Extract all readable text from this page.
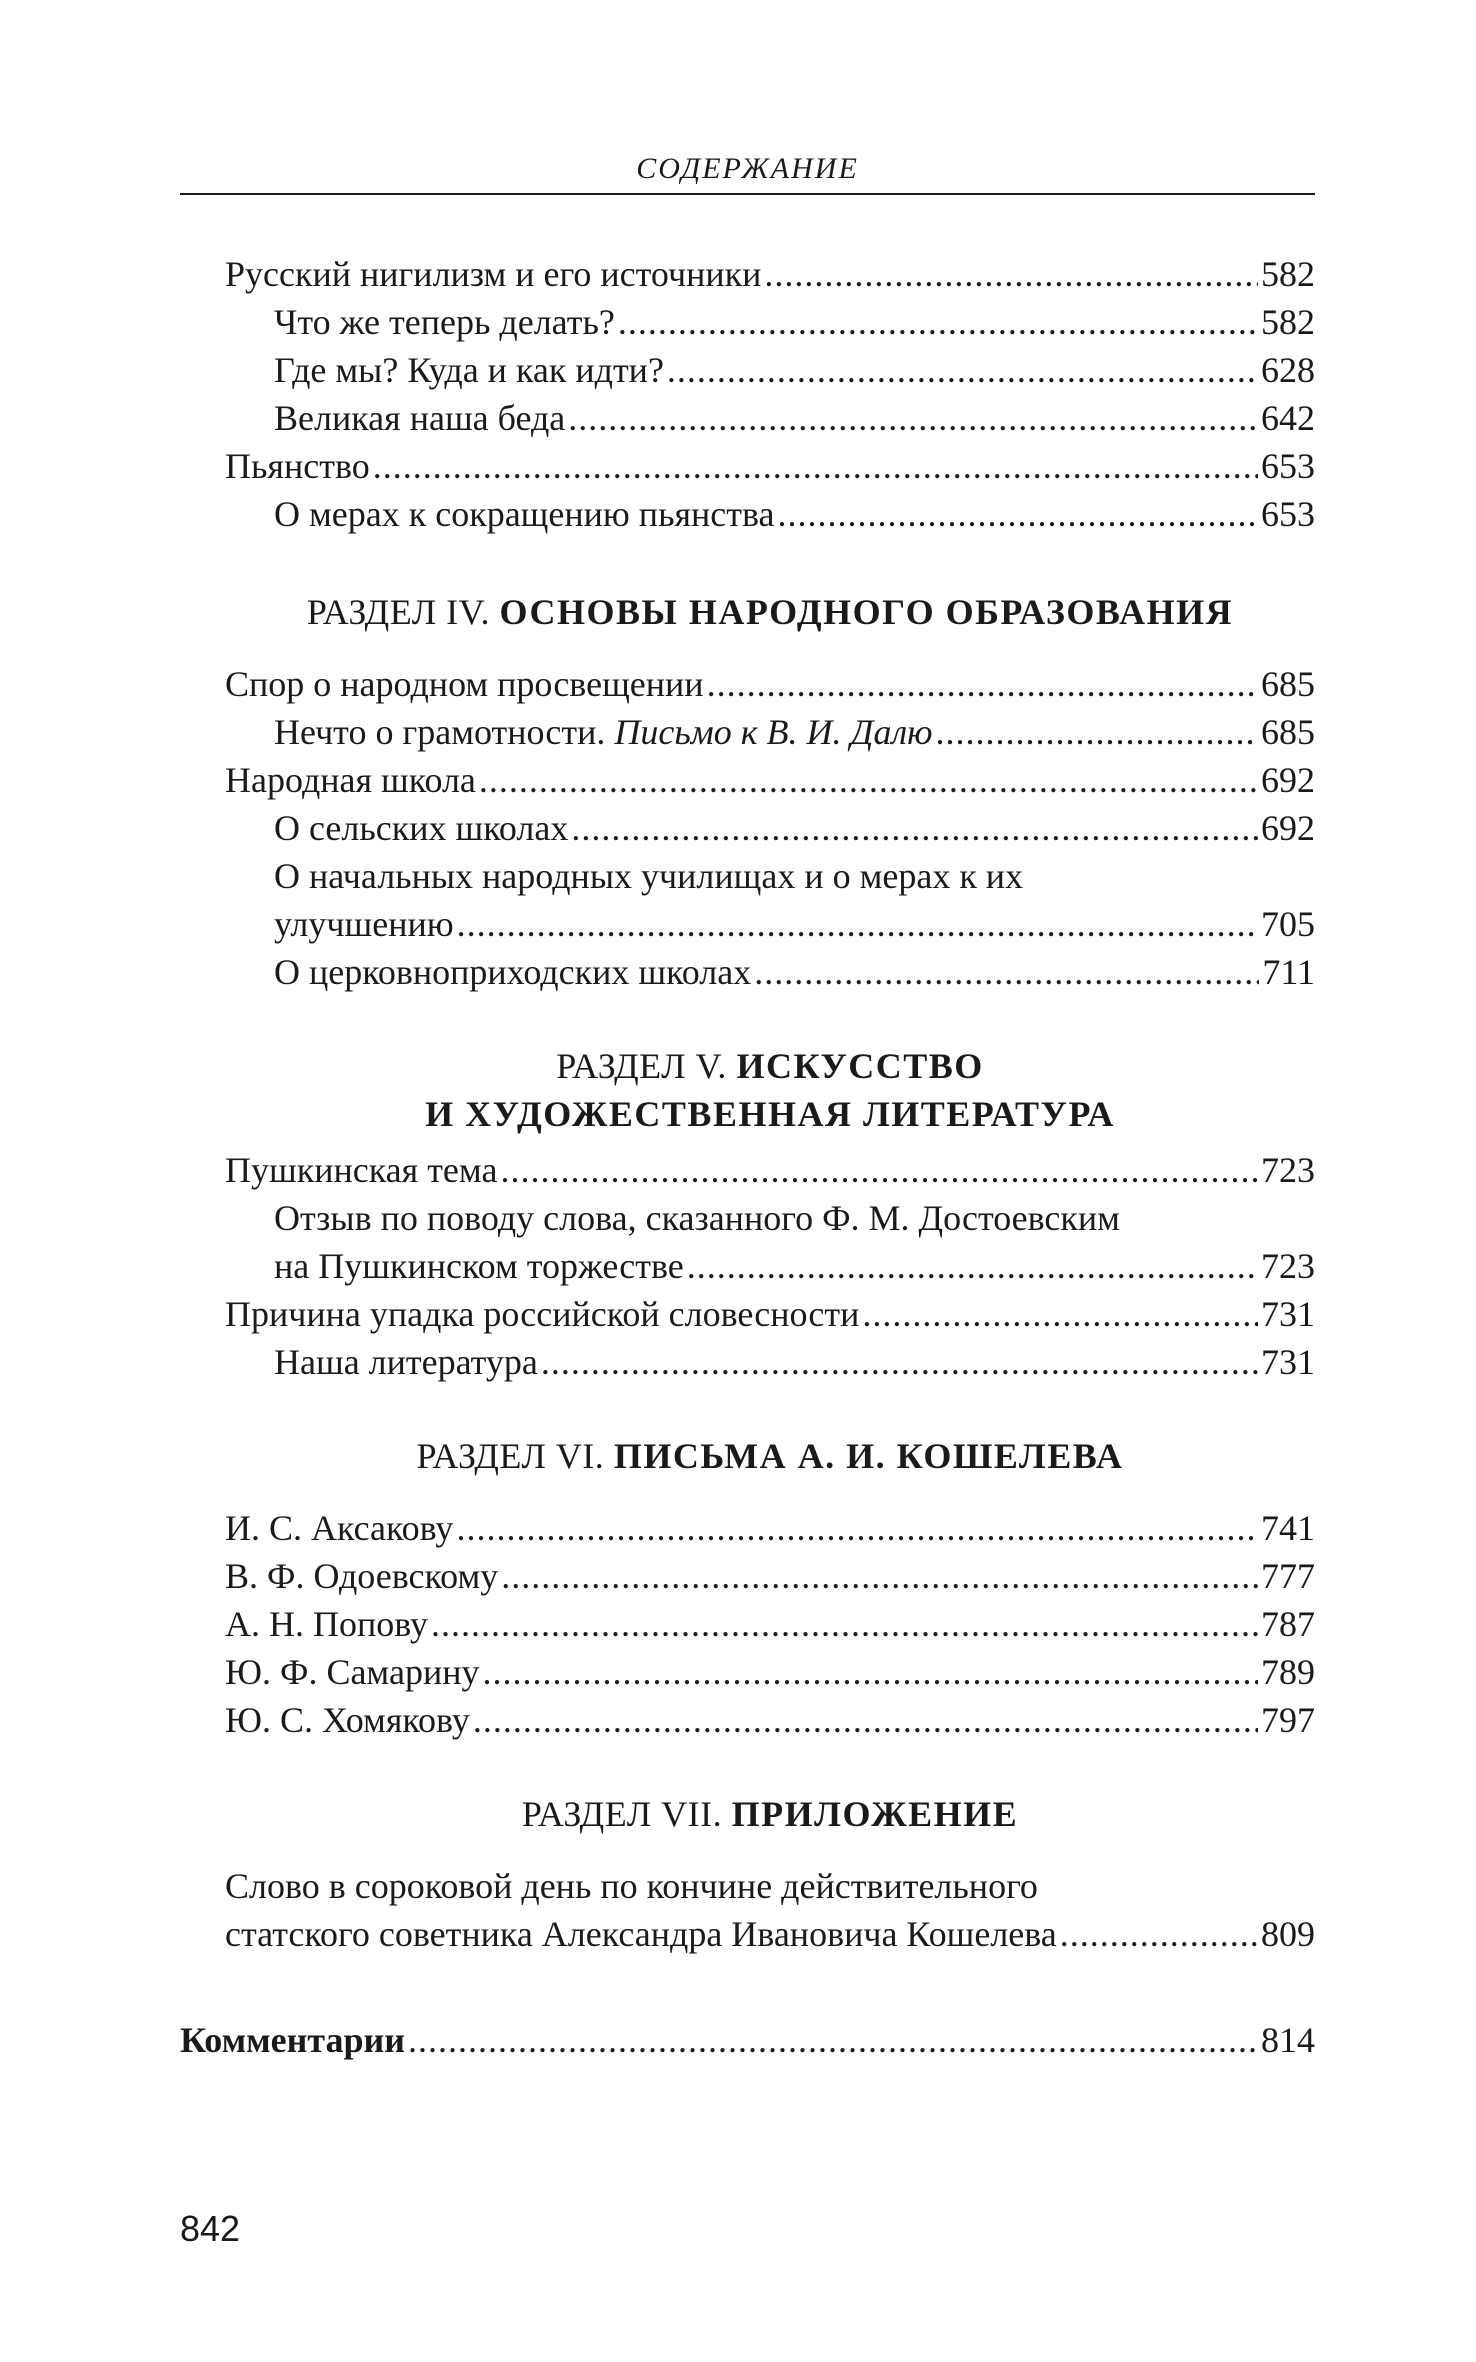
СОДЕРЖАНИЕ
Русский нигилизм и его источники .....	582
Что же теперь делать? .....	582
Где мы? Куда и как идти? .....	628
Великая наша беда .....	642
Пьянство .....	653
О мерах к сокращению пьянства .....	653
РАЗДЕЛ IV. ОСНОВЫ НАРОДНОГО ОБРАЗОВАНИЯ
Спор о народном просвещении .....	685
Нечто о грамотности. Письмо к В. И. Далю .....	685
Народная школа .....	692
О сельских школах .....	692
О начальных народных училищах и о мерах к их
улучшению .....	705
О церковноприходских школах .....	711
РАЗДЕЛ V. ИСКУССТВО
И ХУДОЖЕСТВЕННАЯ ЛИТЕРАТУРА
Пушкинская тема .....	723
Отзыв по поводу слова, сказанного Ф. М. Достоевским
на Пушкинском торжестве .....	723
Причина упадка российской словесности .....	731
Наша литература .....	731
РАЗДЕЛ VI. ПИСЬМА А. И. КОШЕЛЕВА
И. С. Аксакову .....	741
В. Ф. Одоевскому .....	777
А. Н. Попову .....	787
Ю. Ф. Самарину .....	789
Ю. С. Хомякову .....	797
РАЗДЕЛ VII. ПРИЛОЖЕНИЕ
Слово в сороковой день по кончине действительного
статского советника Александра Ивановича Кошелева .....	809
Комментарии .....	814
842
